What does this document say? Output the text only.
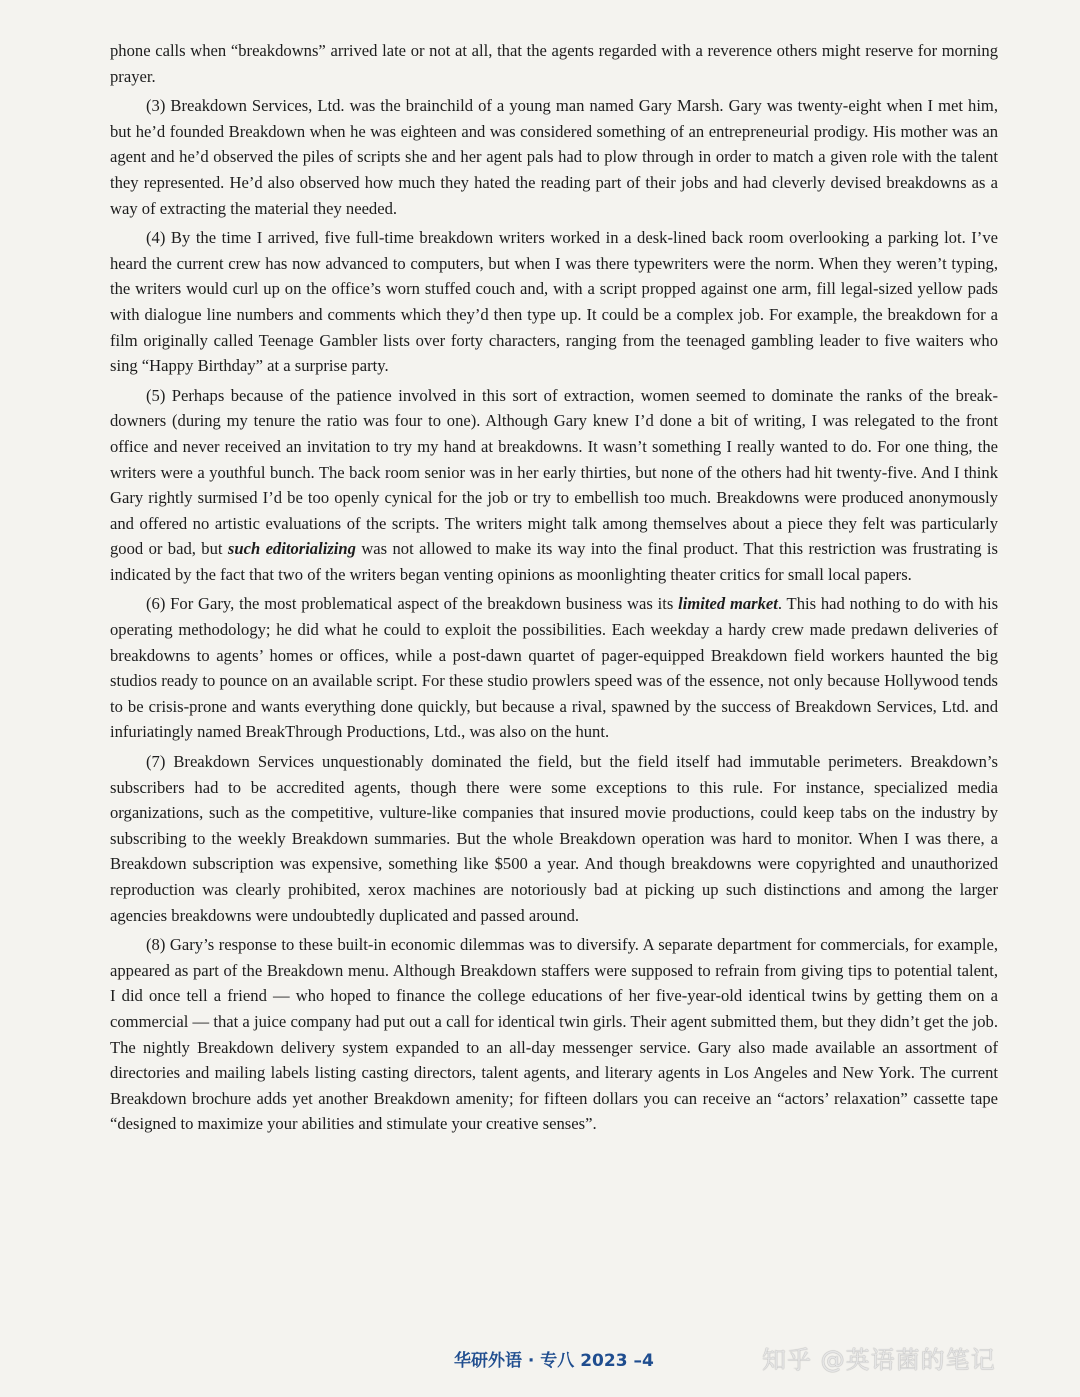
phone calls when “breakdowns” arrived late or not at all, that the agents regarded with a reverence others might reserve for morning prayer.

(3) Breakdown Services, Ltd. was the brainchild of a young man named Gary Marsh. Gary was twenty-eight when I met him, but he’d founded Breakdown when he was eighteen and was considered something of an entrepreneurial prodigy. His mother was an agent and he’d observed the piles of scripts she and her agent pals had to plow through in order to match a given role with the talent they represented. He’d also observed how much they hated the reading part of their jobs and had cleverly devised breakdowns as a way of extracting the material they needed.

(4) By the time I arrived, five full-time breakdown writers worked in a desk-lined back room overlooking a parking lot. I’ve heard the current crew has now advanced to computers, but when I was there typewriters were the norm. When they weren’t typing, the writers would curl up on the office’s worn stuffed couch and, with a script propped against one arm, fill legal-sized yellow pads with dialogue line numbers and comments which they’d then type up. It could be a complex job. For example, the breakdown for a film originally called Teenage Gambler lists over forty characters, ranging from the teenaged gambling leader to five waiters who sing “Happy Birthday” at a surprise party.

(5) Perhaps because of the patience involved in this sort of extraction, women seemed to dominate the ranks of the break-downers (during my tenure the ratio was four to one). Although Gary knew I’d done a bit of writing, I was relegated to the front office and never received an invitation to try my hand at breakdowns. It wasn’t something I really wanted to do. For one thing, the writers were a youthful bunch. The back room senior was in her early thirties, but none of the others had hit twenty-five. And I think Gary rightly surmised I’d be too openly cynical for the job or try to embellish too much. Breakdowns were produced anonymously and offered no artistic evaluations of the scripts. The writers might talk among themselves about a piece they felt was particularly good or bad, but such editorializing was not allowed to make its way into the final product. That this restriction was frustrating is indicated by the fact that two of the writers began venting opinions as moonlighting theater critics for small local papers.

(6) For Gary, the most problematical aspect of the breakdown business was its limited market. This had nothing to do with his operating methodology; he did what he could to exploit the possibilities. Each weekday a hardy crew made predawn deliveries of breakdowns to agents’ homes or offices, while a post-dawn quartet of pager-equipped Breakdown field workers haunted the big studios ready to pounce on an available script. For these studio prowlers speed was of the essence, not only because Hollywood tends to be crisis-prone and wants everything done quickly, but because a rival, spawned by the success of Breakdown Services, Ltd. and infuriatingly named BreakThrough Productions, Ltd., was also on the hunt.

(7) Breakdown Services unquestionably dominated the field, but the field itself had immutable perimeters. Breakdown’s subscribers had to be accredited agents, though there were some exceptions to this rule. For instance, specialized media organizations, such as the competitive, vulture-like companies that insured movie productions, could keep tabs on the industry by subscribing to the weekly Breakdown summaries. But the whole Breakdown operation was hard to monitor. When I was there, a Breakdown subscription was expensive, something like $500 a year. And though breakdowns were copyrighted and unauthorized reproduction was clearly prohibited, xerox machines are notoriously bad at picking up such distinctions and among the larger agencies breakdowns were undoubtedly duplicated and passed around.

(8) Gary’s response to these built-in economic dilemmas was to diversify. A separate department for commercials, for example, appeared as part of the Breakdown menu. Although Breakdown staffers were supposed to refrain from giving tips to potential talent, I did once tell a friend — who hoped to finance the college educations of her five-year-old identical twins by getting them on a commercial — that a juice company had put out a call for identical twin girls. Their agent submitted them, but they didn’t get the job. The nightly Breakdown delivery system expanded to an all-day messenger service. Gary also made available an assortment of directories and mailing labels listing casting directors, talent agents, and literary agents in Los Angeles and New York. The current Breakdown brochure adds yet another Breakdown amenity; for fifteen dollars you can receive an “actors’ relaxation” cassette tape “designed to maximize your abilities and stimulate your creative senses”.

华研外语 · 专八 2023 –4	知乎 @英语菌的笔记
